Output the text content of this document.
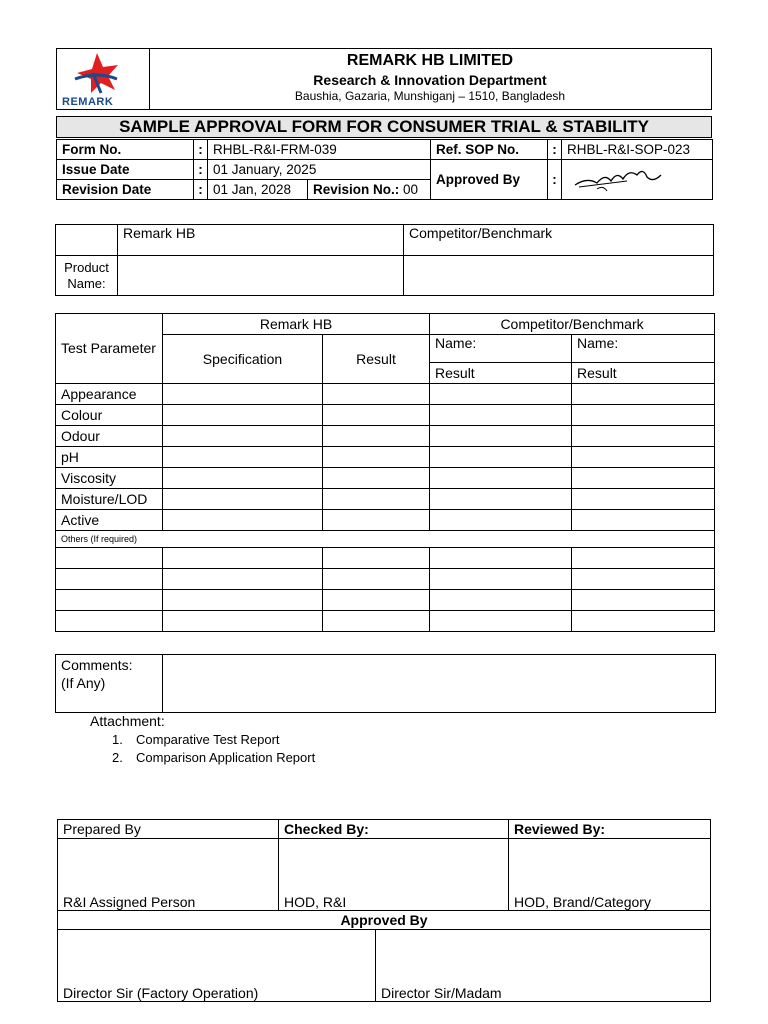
REMARK
REMARK HB LIMITED
Research & Innovation Department
Baushia, Gazaria, Munshiganj – 1510, Bangladesh
SAMPLE APPROVAL FORM FOR CONSUMER TRIAL & STABILITY
Form No.	:	RHBL-R&I-FRM-039		Ref. SOP No.	:	RHBL-R&I-SOP-023
Issue Date	:	01 January, 2025		Approved By	:	
Revision Date	:	01 Jan, 2028	Revision No.: 00			
	Remark HB	Competitor/Benchmark
Product Name:		
Test Parameter	Remark HB		Competitor/Benchmark	
	Specification	Result	Name:	Name:
			Result	Result
Appearance				
Colour				
Odour				
pH				
Viscosity				
Moisture/LOD				
Active				
Others (If required)				

Comments:
(If Any)

Attachment:
1. Comparative Test Report
2. Comparison Application Report
Prepared By	Checked By:	Reviewed By:
R&I Assigned Person	HOD, R&I	HOD, Brand/Category
Approved By		
Director Sir (Factory Operation)	Director Sir/Madam
